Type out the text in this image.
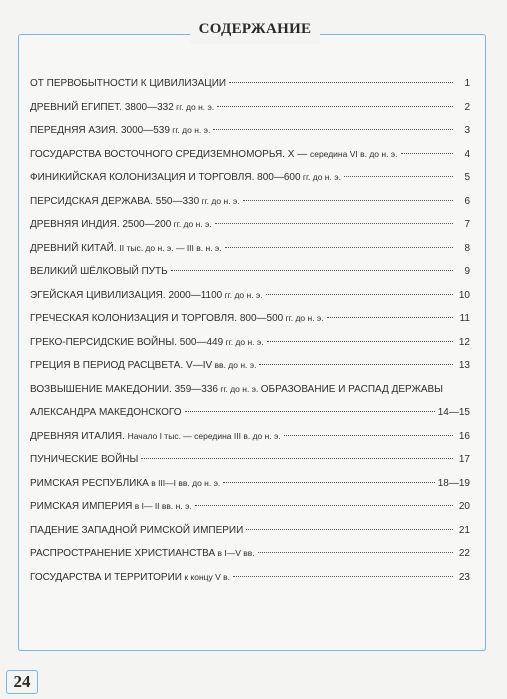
СОДЕРЖАНИЕ
ОТ ПЕРВОБЫТНОСТИ К ЦИВИЛИЗАЦИИ	1
ДРЕВНИЙ ЕГИПЕТ. 3800—332 гг. до н. э.	2
ПЕРЕДНЯЯ АЗИЯ. 3000—539 гг. до н. э.	3
ГОСУДАРСТВА ВОСТОЧНОГО СРЕДИЗЕМНОМОРЬЯ. X — середина VI в. до н. э.	4
ФИНИКИЙСКАЯ КОЛОНИЗАЦИЯ И ТОРГОВЛЯ. 800—600 гг. до н. э.	5
ПЕРСИДСКАЯ ДЕРЖАВА. 550—330 гг. до н. э.	6
ДРЕВНЯЯ ИНДИЯ. 2500—200 гг. до н. э.	7
ДРЕВНИЙ КИТАЙ. II тыс. до н. э. — III в. н. э.	8
ВЕЛИКИЙ ШЁЛКОВЫЙ ПУТЬ	9
ЭГЕЙСКАЯ ЦИВИЛИЗАЦИЯ. 2000—1100 гг. до н. э.	10
ГРЕЧЕСКАЯ КОЛОНИЗАЦИЯ И ТОРГОВЛЯ. 800—500 гг. до н. э.	11
ГРЕКО-ПЕРСИДСКИЕ ВОЙНЫ. 500—449 гг. до н. э.	12
ГРЕЦИЯ В ПЕРИОД РАСЦВЕТА. V—IV вв. до н. э.	13
ВОЗВЫШЕНИЕ МАКЕДОНИИ. 359—336 гг. до н. э. ОБРАЗОВАНИЕ И РАСПАД ДЕРЖАВЫ
АЛЕКСАНДРА МАКЕДОНСКОГО	14—15
ДРЕВНЯЯ ИТАЛИЯ. Начало I тыс. — середина III в. до н. э.	16
ПУНИЧЕСКИЕ ВОЙНЫ	17
РИМСКАЯ РЕСПУБЛИКА в III—I вв. до н. э.	18—19
РИМСКАЯ ИМПЕРИЯ в I— II вв. н. э.	20
ПАДЕНИЕ ЗАПАДНОЙ РИМСКОЙ ИМПЕРИИ	21
РАСПРОСТРАНЕНИЕ ХРИСТИАНСТВА в I—V вв.	22
ГОСУДАРСТВА И ТЕРРИТОРИИ к концу V в.	23
24
